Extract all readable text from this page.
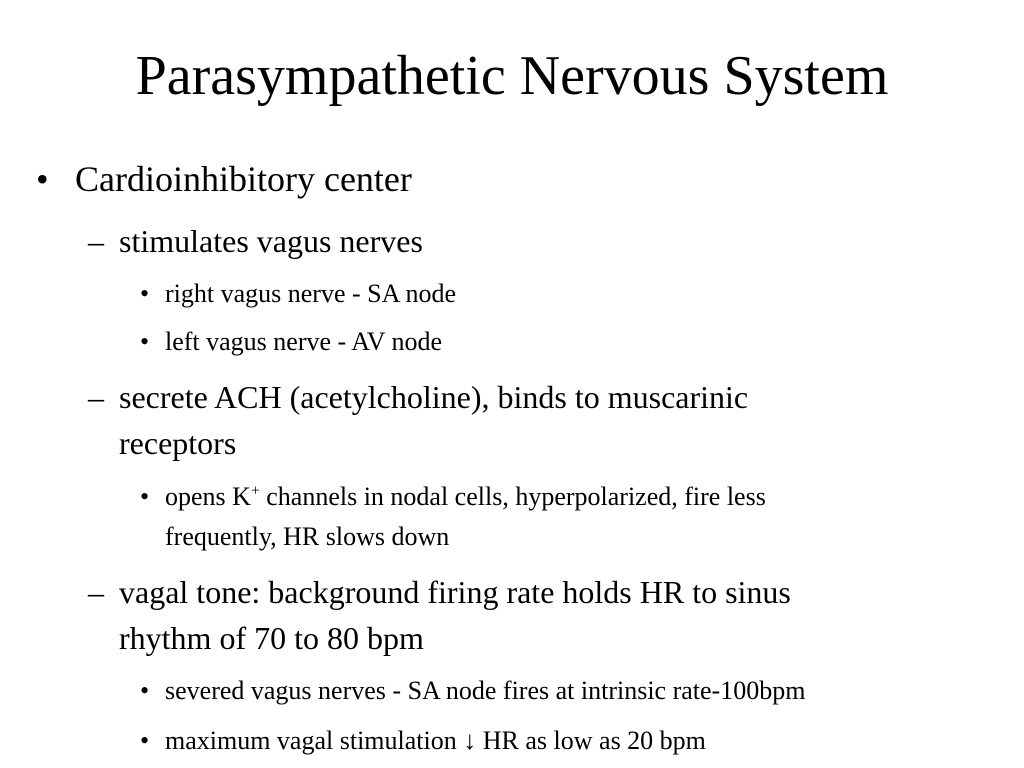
Parasympathetic Nervous System
• Cardioinhibitory center
– stimulates vagus nerves
• right vagus nerve - SA node
• left vagus nerve - AV node
– secrete ACH (acetylcholine), binds to muscarinic
receptors
• opens K+ channels in nodal cells, hyperpolarized, fire less
frequently, HR slows down
– vagal tone: background firing rate holds HR to sinus
rhythm of 70 to 80 bpm
• severed vagus nerves - SA node fires at intrinsic rate-100bpm
• maximum vagal stimulation ↓ HR as low as 20 bpm
